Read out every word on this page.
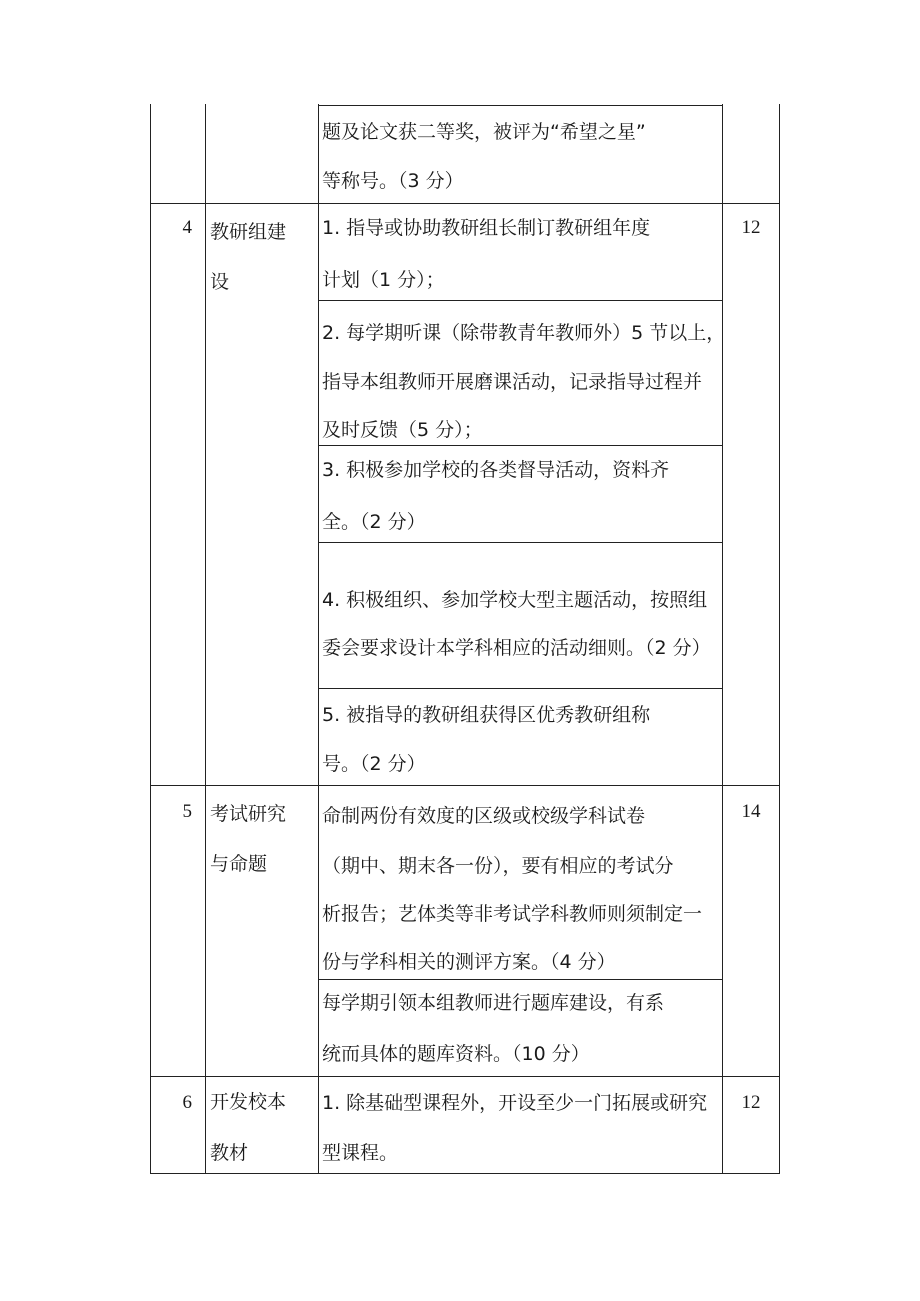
题及论文获二等奖，被评为“希望之星”
等称号。（3 分）
4 教研组建
设
12
1. 指导或协助教研组长制订教研组年度
计划（1 分）；
2. 每学期听课（除带教青年教师外）5 节以上，
指导本组教师开展磨课活动，记录指导过程并
及时反馈（5 分）；
3. 积极参加学校的各类督导活动，资料齐
全。（2 分）
4. 积极组织、参加学校大型主题活动，按照组
委会要求设计本学科相应的活动细则。（2 分）
5. 被指导的教研组获得区优秀教研组称
号。（2 分）
5 考试研究
与命题
14
命制两份有效度的区级或校级学科试卷
（期中、期末各一份），要有相应的考试分
析报告；艺体类等非考试学科教师则须制定一
份与学科相关的测评方案。（4 分）
每学期引领本组教师进行题库建设，有系
统而具体的题库资料。（10 分）
6 开发校本
教材
12
1. 除基础型课程外，开设至少一门拓展或研究
型课程。
